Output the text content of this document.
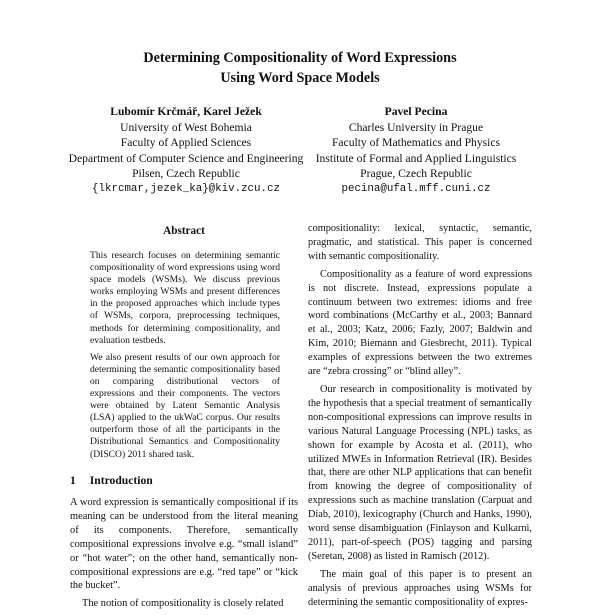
Determining Compositionality of Word Expressions
Using Word Space Models
Lubomír Krčmář, Karel Ježek
University of West Bohemia
Faculty of Applied Sciences
Department of Computer Science and Engineering
Pilsen, Czech Republic
{lkrcmar,jezek_ka}@kiv.zcu.cz
Pavel Pecina
Charles University in Prague
Faculty of Mathematics and Physics
Institute of Formal and Applied Linguistics
Prague, Czech Republic
pecina@ufal.mff.cuni.cz
Abstract

This research focuses on determining semantic compositionality of word expressions using word space models (WSMs). We discuss previous works employing WSMs and present differences in the proposed approaches which include types of WSMs, corpora, preprocessing techniques, methods for determining compositionality, and evaluation testbeds.

We also present results of our own approach for determining the semantic compositionality based on comparing distributional vectors of expressions and their components. The vectors were obtained by Latent Semantic Analysis (LSA) applied to the ukWaC corpus. Our results outperform those of all the participants in the Distributional Semantics and Compositionality (DISCO) 2011 shared task.

1 Introduction

A word expression is semantically compositional if its meaning can be understood from the literal meaning of its components. Therefore, semantically compositional expressions involve e.g. “small island” or “hot water”; on the other hand, semantically non-compositional expressions are e.g. “red tape” or “kick the bucket”.

The notion of compositionality is closely related

compositionality: lexical, syntactic, semantic, pragmatic, and statistical. This paper is concerned with semantic compositionality.

Compositionality as a feature of word expressions is not discrete. Instead, expressions populate a continuum between two extremes: idioms and free word combinations (McCarthy et al., 2003; Bannard et al., 2003; Katz, 2006; Fazly, 2007; Baldwin and Kim, 2010; Biemann and Giesbrecht, 2011). Typical examples of expressions between the two extremes are “zebra crossing” or “blind alley”.

Our research in compositionality is motivated by the hypothesis that a special treatment of semantically non-compositional expressions can improve results in various Natural Language Processing (NPL) tasks, as shown for example by Acosta et al. (2011), who utilized MWEs in Information Retrieval (IR). Besides that, there are other NLP applications that can benefit from knowing the degree of compositionality of expressions such as machine translation (Carpuat and Diab, 2010), lexicography (Church and Hanks, 1990), word sense disambiguation (Finlayson and Kulkarni, 2011), part-of-speech (POS) tagging and parsing (Seretan, 2008) as listed in Ramisch (2012).

The main goal of this paper is to present an analysis of previous approaches using WSMs for determining the semantic compositionality of expres-
